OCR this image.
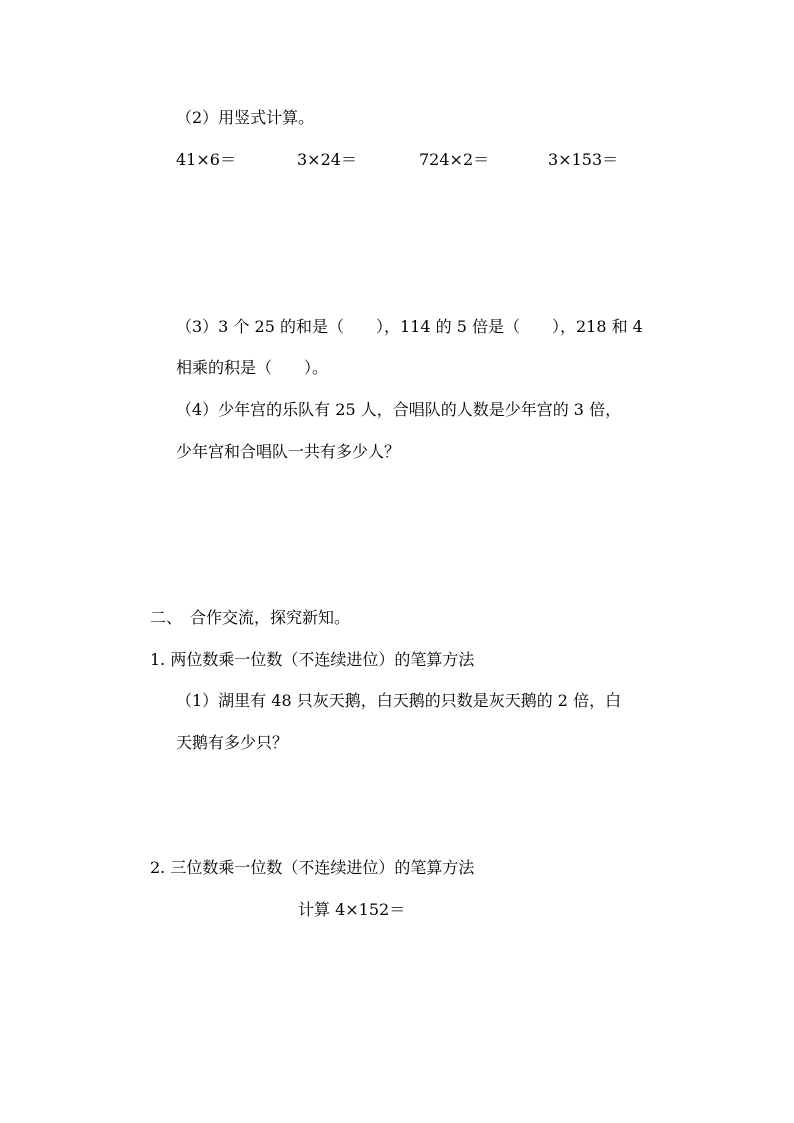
（2）用竖式计算。
41×6＝	3×24＝	724×2＝	3×153＝
（3）3 个 25 的和是（　　），114 的 5 倍是（　　），218 和 4
相乘的积是（　　）。
（4）少年宫的乐队有 25 人，合唱队的人数是少年宫的 3 倍，
少年宫和合唱队一共有多少人？
二、　合作交流，探究新知。
1. 两位数乘一位数（不连续进位）的笔算方法
（1）湖里有 48 只灰天鹅，白天鹅的只数是灰天鹅的 2 倍，白
天鹅有多少只？
2. 三位数乘一位数（不连续进位）的笔算方法
计算 4×152＝
